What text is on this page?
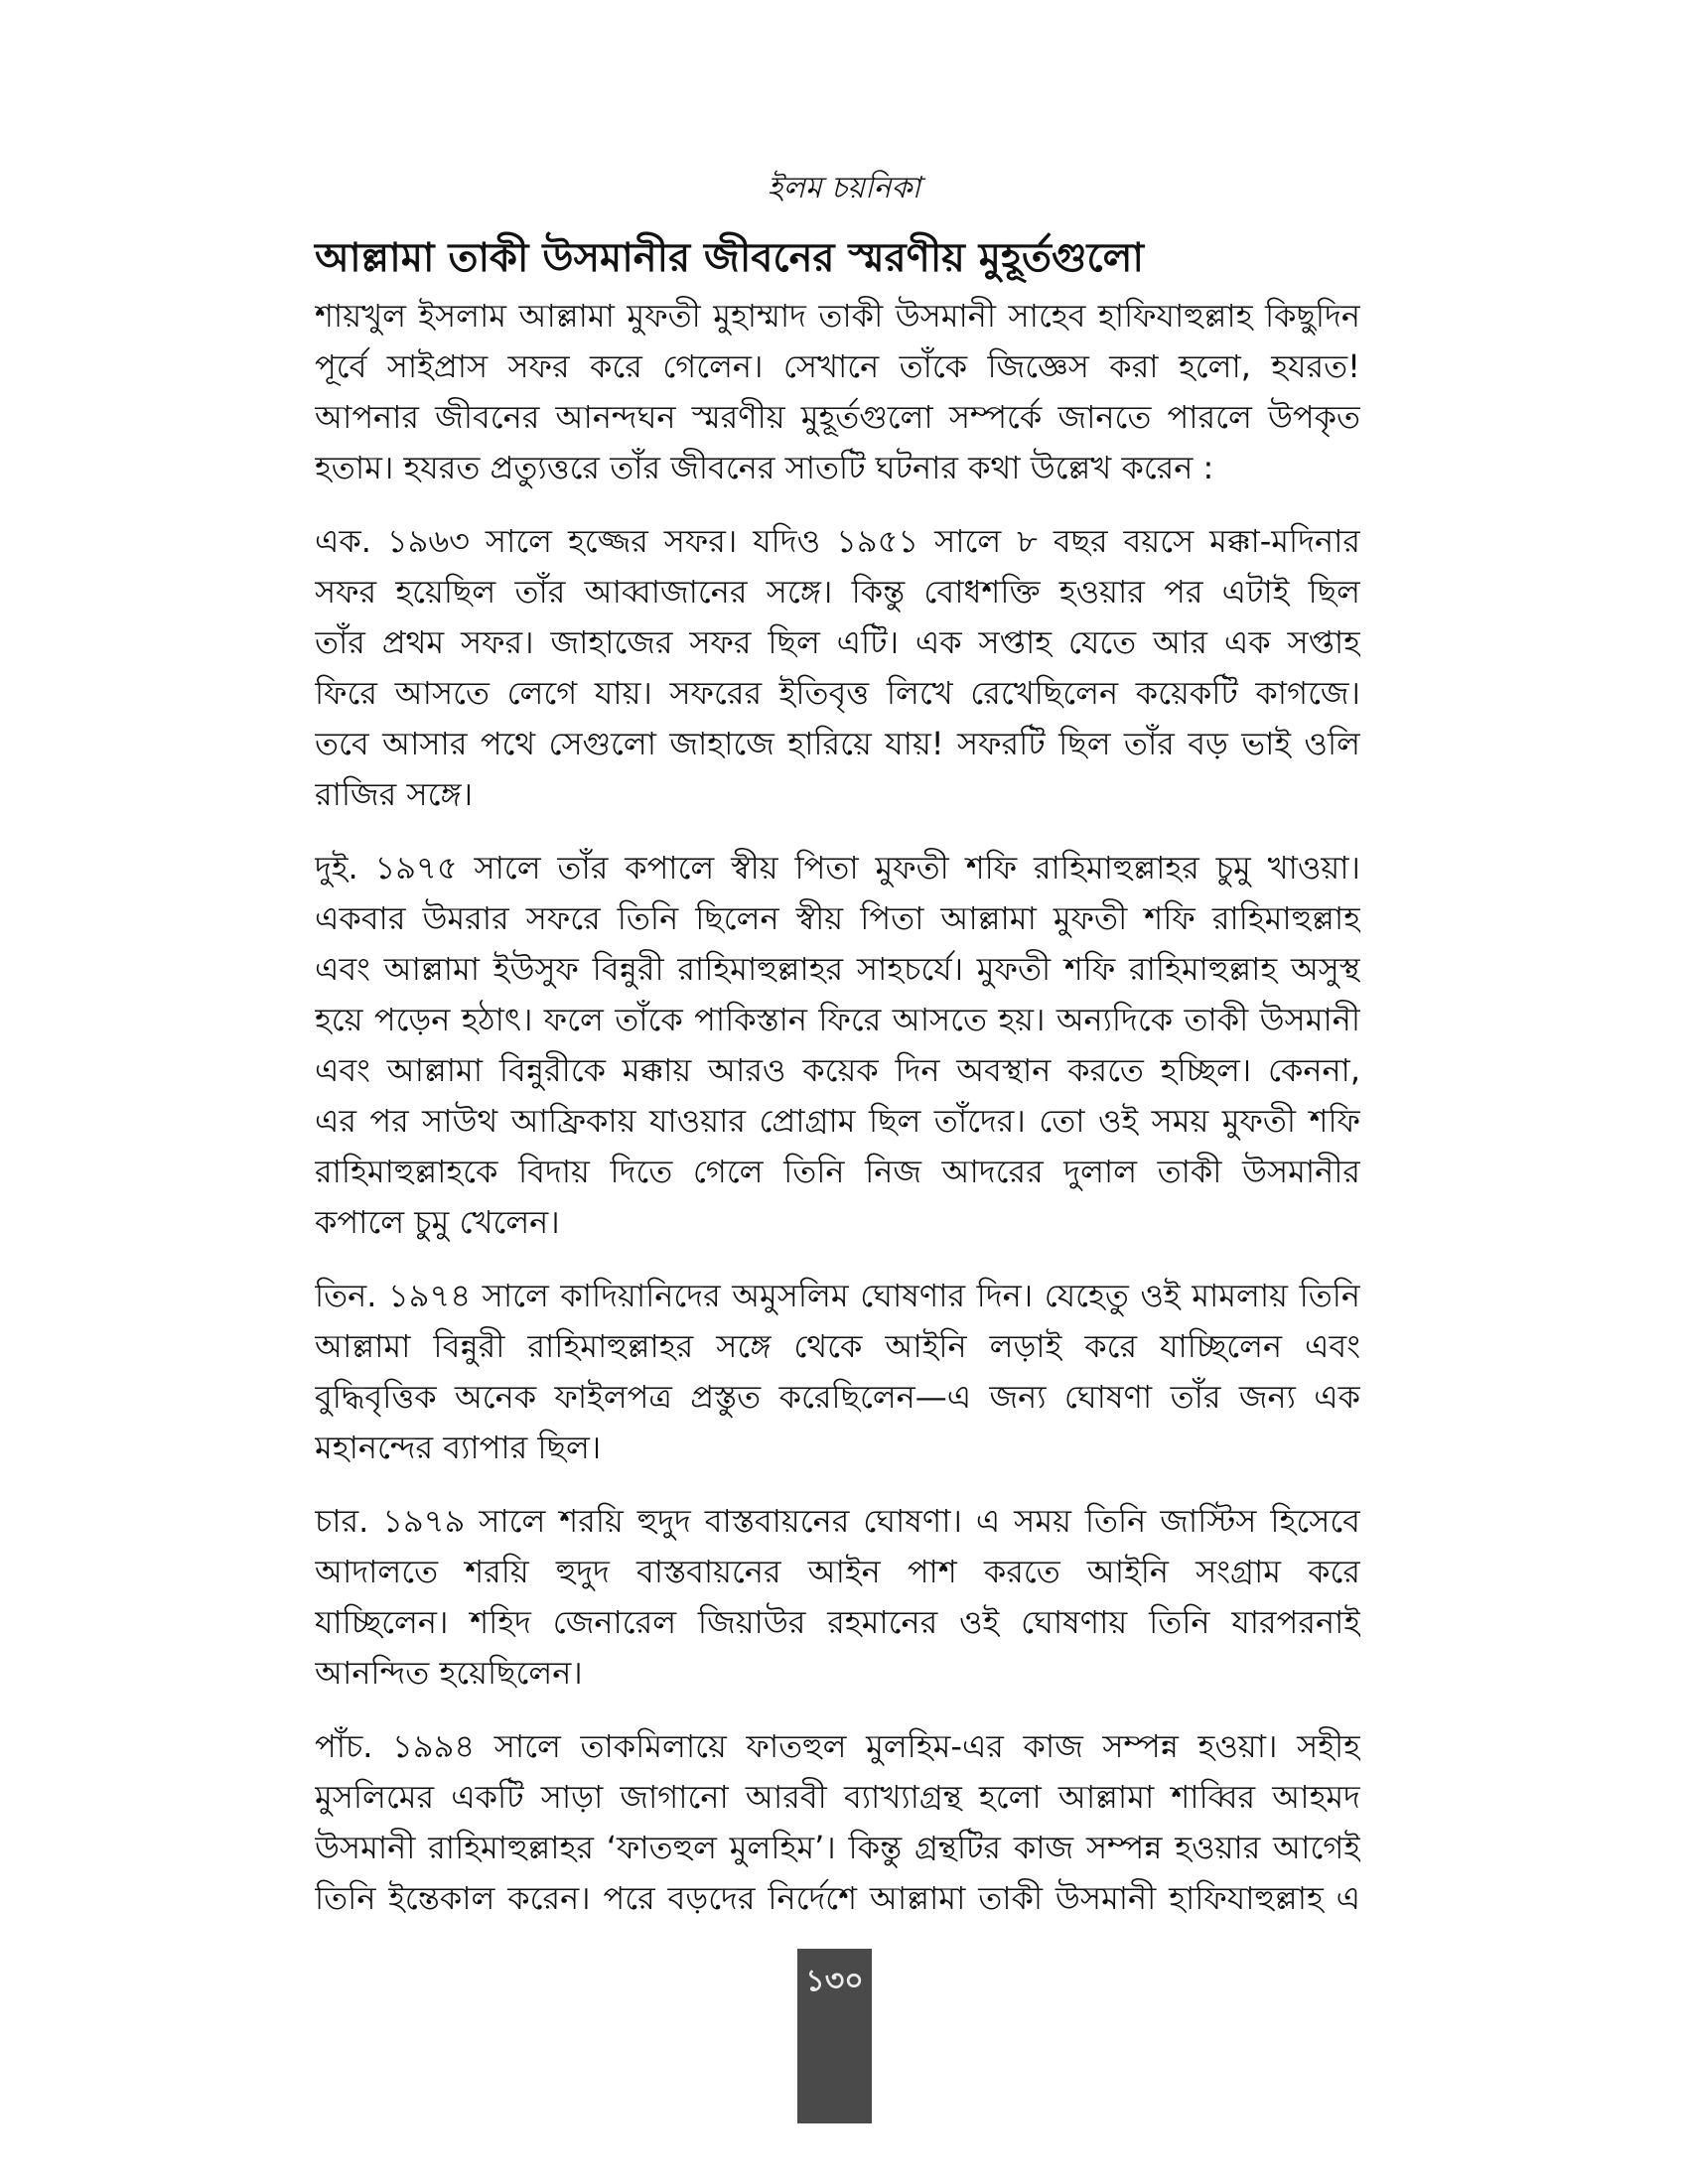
ইলম চয়নিকা
আল্লামা তাকী উসমানীর জীবনের স্মরণীয় মুহূর্তগুলো
শায়খুল ইসলাম আল্লামা মুফতী মুহাম্মাদ তাকী উসমানী সাহেব হাফিযাহুল্লাহ কিছুদিন
পূর্বে সাইপ্রাস সফর করে গেলেন। সেখানে তাঁকে জিজ্ঞেস করা হলো, হযরত!
আপনার জীবনের আনন্দঘন স্মরণীয় মুহূর্তগুলো সম্পর্কে জানতে পারলে উপকৃত
হতাম। হযরত প্রত্যুত্তরে তাঁর জীবনের সাতটি ঘটনার কথা উল্লেখ করেন :
এক. ১৯৬৩ সালে হজ্জের সফর। যদিও ১৯৫১ সালে ৮ বছর বয়সে মক্কা-মদিনার
সফর হয়েছিল তাঁর আব্বাজানের সঙ্গে। কিন্তু বোধশক্তি হওয়ার পর এটাই ছিল
তাঁর প্রথম সফর। জাহাজের সফর ছিল এটি। এক সপ্তাহ যেতে আর এক সপ্তাহ
ফিরে আসতে লেগে যায়। সফরের ইতিবৃত্ত লিখে রেখেছিলেন কয়েকটি কাগজে।
তবে আসার পথে সেগুলো জাহাজে হারিয়ে যায়! সফরটি ছিল তাঁর বড় ভাই ওলি
রাজির সঙ্গে।
দুই. ১৯৭৫ সালে তাঁর কপালে স্বীয় পিতা মুফতী শফি রাহিমাহুল্লাহর চুমু খাওয়া।
একবার উমরার সফরে তিনি ছিলেন স্বীয় পিতা আল্লামা মুফতী শফি রাহিমাহুল্লাহ
এবং আল্লামা ইউসুফ বিন্নুরী রাহিমাহুল্লাহর সাহচর্যে। মুফতী শফি রাহিমাহুল্লাহ অসুস্থ
হয়ে পড়েন হঠাৎ। ফলে তাঁকে পাকিস্তান ফিরে আসতে হয়। অন্যদিকে তাকী উসমানী
এবং আল্লামা বিন্নুরীকে মক্কায় আরও কয়েক দিন অবস্থান করতে হচ্ছিল। কেননা,
এর পর সাউথ আফ্রিকায় যাওয়ার প্রোগ্রাম ছিল তাঁদের। তো ওই সময় মুফতী শফি
রাহিমাহুল্লাহকে বিদায় দিতে গেলে তিনি নিজ আদরের দুলাল তাকী উসমানীর
কপালে চুমু খেলেন।
তিন. ১৯৭৪ সালে কাদিয়ানিদের অমুসলিম ঘোষণার দিন। যেহেতু ওই মামলায় তিনি
আল্লামা বিন্নুরী রাহিমাহুল্লাহর সঙ্গে থেকে আইনি লড়াই করে যাচ্ছিলেন এবং
বুদ্ধিবৃত্তিক অনেক ফাইলপত্র প্রস্তুত করেছিলেন—এ জন্য ঘোষণা তাঁর জন্য এক
মহানন্দের ব্যাপার ছিল।
চার. ১৯৭৯ সালে শরয়ি হুদুদ বাস্তবায়নের ঘোষণা। এ সময় তিনি জাস্টিস হিসেবে
আদালতে শরয়ি হুদুদ বাস্তবায়নের আইন পাশ করতে আইনি সংগ্রাম করে
যাচ্ছিলেন। শহিদ জেনারেল জিয়াউর রহমানের ওই ঘোষণায় তিনি যারপরনাই
আনন্দিত হয়েছিলেন।
পাঁচ. ১৯৯৪ সালে তাকমিলায়ে ফাতহুল মুলহিম-এর কাজ সম্পন্ন হওয়া। সহীহ
মুসলিমের একটি সাড়া জাগানো আরবী ব্যাখ্যাগ্রন্থ হলো আল্লামা শাব্বির আহমদ
উসমানী রাহিমাহুল্লাহর ‘ফাতহুল মুলহিম’। কিন্তু গ্রন্থটির কাজ সম্পন্ন হওয়ার আগেই
তিনি ইন্তেকাল করেন। পরে বড়দের নির্দেশে আল্লামা তাকী উসমানী হাফিযাহুল্লাহ এ
১৩০
